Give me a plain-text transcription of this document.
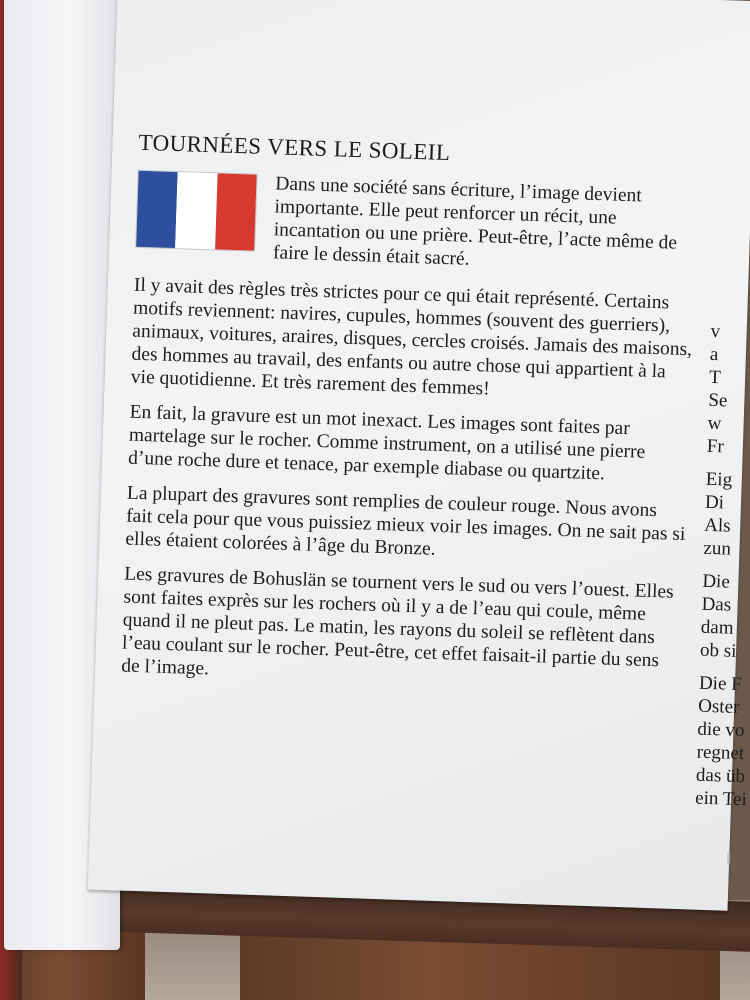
TOURNÉES VERS LE SOLEIL

Dans une société sans écriture, l’image devient importante. Elle peut renforcer un récit, une incantation ou une prière. Peut-être, l’acte même de faire le dessin était sacré.

Il y avait des règles très strictes pour ce qui était représenté. Certains motifs reviennent: navires, cupules, hommes (souvent des guerriers), animaux, voitures, araires, disques, cercles croisés. Jamais des maisons, des hommes au travail, des enfants ou autre chose qui appartient à la vie quotidienne. Et très rarement des femmes!

En fait, la gravure est un mot inexact. Les images sont faites par martelage sur le rocher. Comme instrument, on a utilisé une pierre d’une roche dure et tenace, par exemple diabase ou quartzite.

La plupart des gravures sont remplies de couleur rouge. Nous avons fait cela pour que vous puissiez mieux voir les images. On ne sait pas si elles étaient colorées à l’âge du Bronze.

Les gravures de Bohuslän se tournent vers le sud ou vers l’ouest. Elles sont faites exprès sur les rochers où il y a de l’eau qui coule, même quand il ne pleut pas. Le matin, les rayons du soleil se reflètent dans l’eau coulant sur le rocher. Peut-être, cet effet faisait-il partie du sens de l’image.

v
a
T
Se
w
Fr
Eig
Di
Als
zun
Die
Das
dam
ob si
Die F
Oster
die vo
regnet
das üb
ein Tei
